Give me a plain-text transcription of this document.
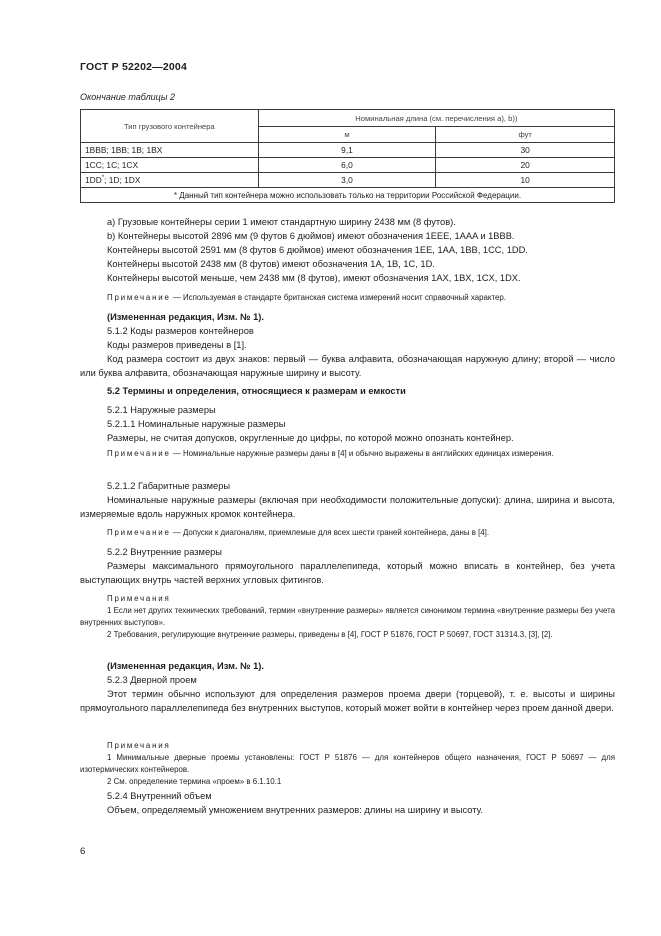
ГОСТ Р 52202—2004
Окончание таблицы 2
Тип грузового контейнера	Номинальная длина (см. перечисления а), b))	
	м	фут
1BBB; 1BB; 1B; 1BX	9,1	30
1CC; 1C; 1CX	6,0	20
1DD*; 1D; 1DX	3,0	10
* Данный тип контейнера можно использовать только на территории Российской Федерации.		
а) Грузовые контейнеры серии 1 имеют стандартную ширину 2438 мм (8 футов).
b) Контейнеры высотой 2896 мм (9 футов 6 дюймов) имеют обозначения 1EEE, 1AAA и 1BBB.
Контейнеры высотой 2591 мм (8 футов 6 дюймов) имеют обозначения 1EE, 1AA, 1BB, 1CC, 1DD.
Контейнеры высотой 2438 мм (8 футов) имеют обозначения 1A, 1B, 1C, 1D.
Контейнеры высотой меньше, чем 2438 мм (8 футов), имеют обозначения 1AX, 1BX, 1CX, 1DX.
Примечание — Используемая в стандарте британская система измерений носит справочный характер.
(Измененная редакция, Изм. № 1).
5.1.2 Коды размеров контейнеров
Коды размеров приведены в [1].
Код размера состоит из двух знаков: первый — буква алфавита, обозначающая наружную длину; второй — число или буква алфавита, обозначающая наружные ширину и высоту.
5.2 Термины и определения, относящиеся к размерам и емкости
5.2.1 Наружные размеры
5.2.1.1 Номинальные наружные размеры
Размеры, не считая допусков, округленные до цифры, по которой можно опознать контейнер.
Примечание — Номинальные наружные размеры даны в [4] и обычно выражены в английских единицах измерения.
5.2.1.2 Габаритные размеры
Номинальные наружные размеры (включая при необходимости положительные допуски): длина, ширина и высота, измеряемые вдоль наружных кромок контейнера.
Примечание — Допуски к диагоналям, приемлемые для всех шести граней контейнера, даны в [4].
5.2.2 Внутренние размеры
Размеры максимального прямоугольного параллелепипеда, который можно вписать в контейнер, без учета выступающих внутрь частей верхних угловых фитингов.
Примечания
1 Если нет других технических требований, термин «внутренние размеры» является синонимом термина «внутренние размеры без учета внутренних выступов».
2 Требования, регулирующие внутренние размеры, приведены в [4], ГОСТ Р 51876, ГОСТ Р 50697, ГОСТ 31314.3, [3], [2].
(Измененная редакция, Изм. № 1).
5.2.3 Дверной проем
Этот термин обычно используют для определения размеров проема двери (торцевой), т. е. высоты и ширины прямоугольного параллелепипеда без внутренних выступов, который может войти в контейнер через проем данной двери.
Примечания
1 Минимальные дверные проемы установлены: ГОСТ Р 51876 — для контейнеров общего назначения, ГОСТ Р 50697 — для изотермических контейнеров.
2 См. определение термина «проем» в 6.1.10.1
5.2.4 Внутренний объем
Объем, определяемый умножением внутренних размеров: длины на ширину и высоту.
6
